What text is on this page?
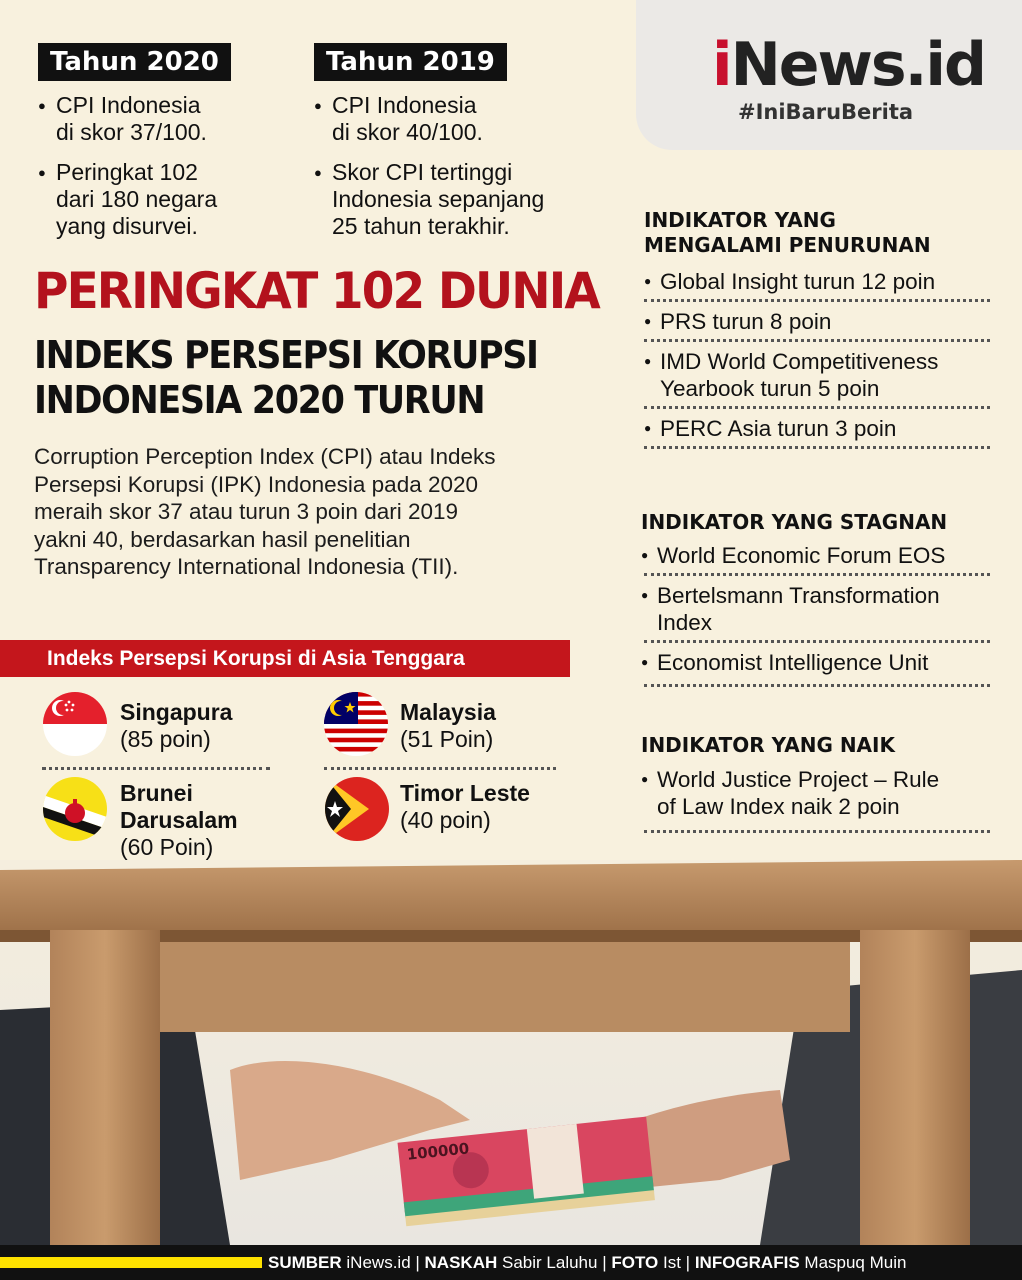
iNews.id
#IniBaruBerita
Tahun 2020
● CPI Indonesia
di skor 37/100.
● Peringkat 102
dari 180 negara
yang disurvei.
Tahun 2019
● CPI Indonesia
di skor 40/100.
● Skor CPI tertinggi
Indonesia sepanjang
25 tahun terakhir.
PERINGKAT 102 DUNIA
INDEKS PERSEPSI KORUPSI
INDONESIA 2020 TURUN
Corruption Perception Index (CPI) atau Indeks
Persepsi Korupsi (IPK) Indonesia pada 2020
meraih skor 37 atau turun 3 poin dari 2019
yakni 40, berdasarkan hasil penelitian
Transparency International Indonesia (TII).
Indeks Persepsi Korupsi di Asia Tenggara
Singapura
(85 poin)
Malaysia
(51 Poin)
Brunei
Darusalam
(60 Poin)
Timor Leste
(40 poin)
INDIKATOR YANG
MENGALAMI PENURUNAN
● Global Insight turun 12 poin
● PRS turun 8 poin
● IMD World Competitiveness
Yearbook turun 5 poin
● PERC Asia turun 3 poin
INDIKATOR YANG STAGNAN
● World Economic Forum EOS
● Bertelsmann Transformation
Index
● Economist Intelligence Unit
INDIKATOR YANG NAIK
● World Justice Project – Rule
of Law Index naik 2 poin
100000
SUMBER iNews.id | NASKAH Sabir Laluhu | FOTO Ist | INFOGRAFIS Maspuq Muin
